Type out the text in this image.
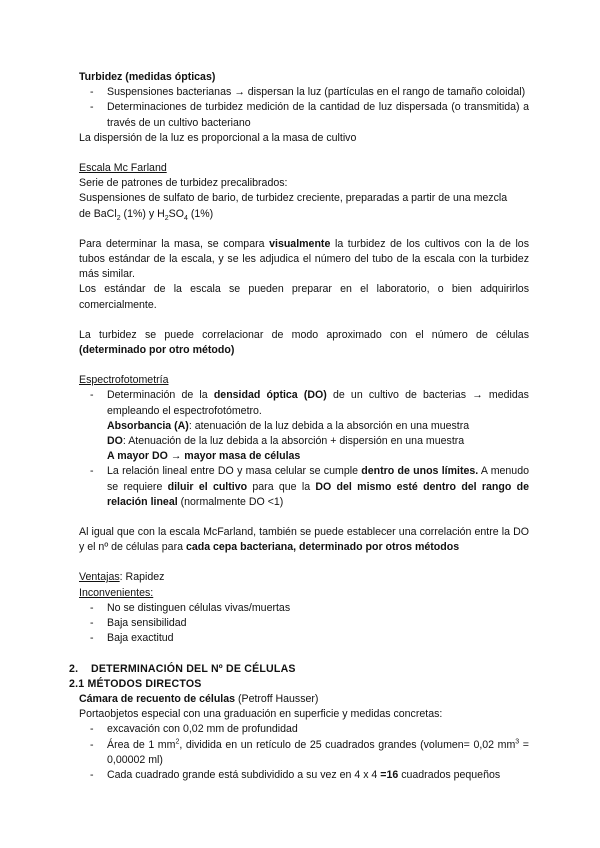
Turbidez (medidas ópticas)

- Suspensiones bacterianas → dispersan la luz (partículas en el rango de tamaño coloidal)
- Determinaciones de turbidez medición de la cantidad de luz dispersada (o transmitida) a través de un cultivo bacteriano

La dispersión de la luz es proporcional a la masa de cultivo

Escala Mc Farland

Serie de patrones de turbidez precalibrados:

Suspensiones de sulfato de bario, de turbidez creciente, preparadas a partir de una mezcla

de BaCl$_2$ (1%) y $H_2SO_4$ (1%)

Para determinar la masa, se compara visualmente la turbidez de los cultivos con la de los tubos estándar de la escala, y se les adjudica el número del tubo de la escala con la turbidez más similar.

Los estándar de la escala se pueden preparar en el laboratorio, o bien adquirirlos comercialmente.

La turbidez se puede correlacionar de modo aproximado con el número de células (determinado por otro método)

Espectrofotometría

- Determinación de la densidad óptica (DO) de un cultivo de bacterias → medidas empleando el espectrofotómetro.
Absorbancia (A): atenuación de la luz debida a la absorción en una muestra
DO: Atenuación de la luz debida a la absorción + dispersión en una muestra
A mayor DO → mayor masa de células
- La relación lineal entre DO y masa celular se cumple dentro de unos límites. A menudo se requiere diluir el cultivo para que la DO del mismo esté dentro del rango de relación lineal (normalmente DO <1)

Al igual que con la escala McFarland, también se puede establecer una correlación entre la DO y el nº de células para cada cepa bacteriana, determinado por otros métodos

Ventajas: Rapidez

Inconvenientes:

- No se distinguen células vivas/muertas
- Baja sensibilidad
- Baja exactitud

2. DETERMINACIÓN DEL Nº DE CÉLULAS

2.1 MÉTODOS DIRECTOS

Cámara de recuento de células (Petroff Hausser)

Portaobjetos especial con una graduación en superficie y medidas concretas:

- excavación con 0,02 mm de profundidad
- Área de 1 $mm^2$, dividida en un retículo de 25 cuadrados grandes (volumen= 0,02 $mm^3 = 0,00002$ ml)
- Cada cuadrado grande está subdividido a su vez en 4 x 4 =16 cuadrados pequeños
